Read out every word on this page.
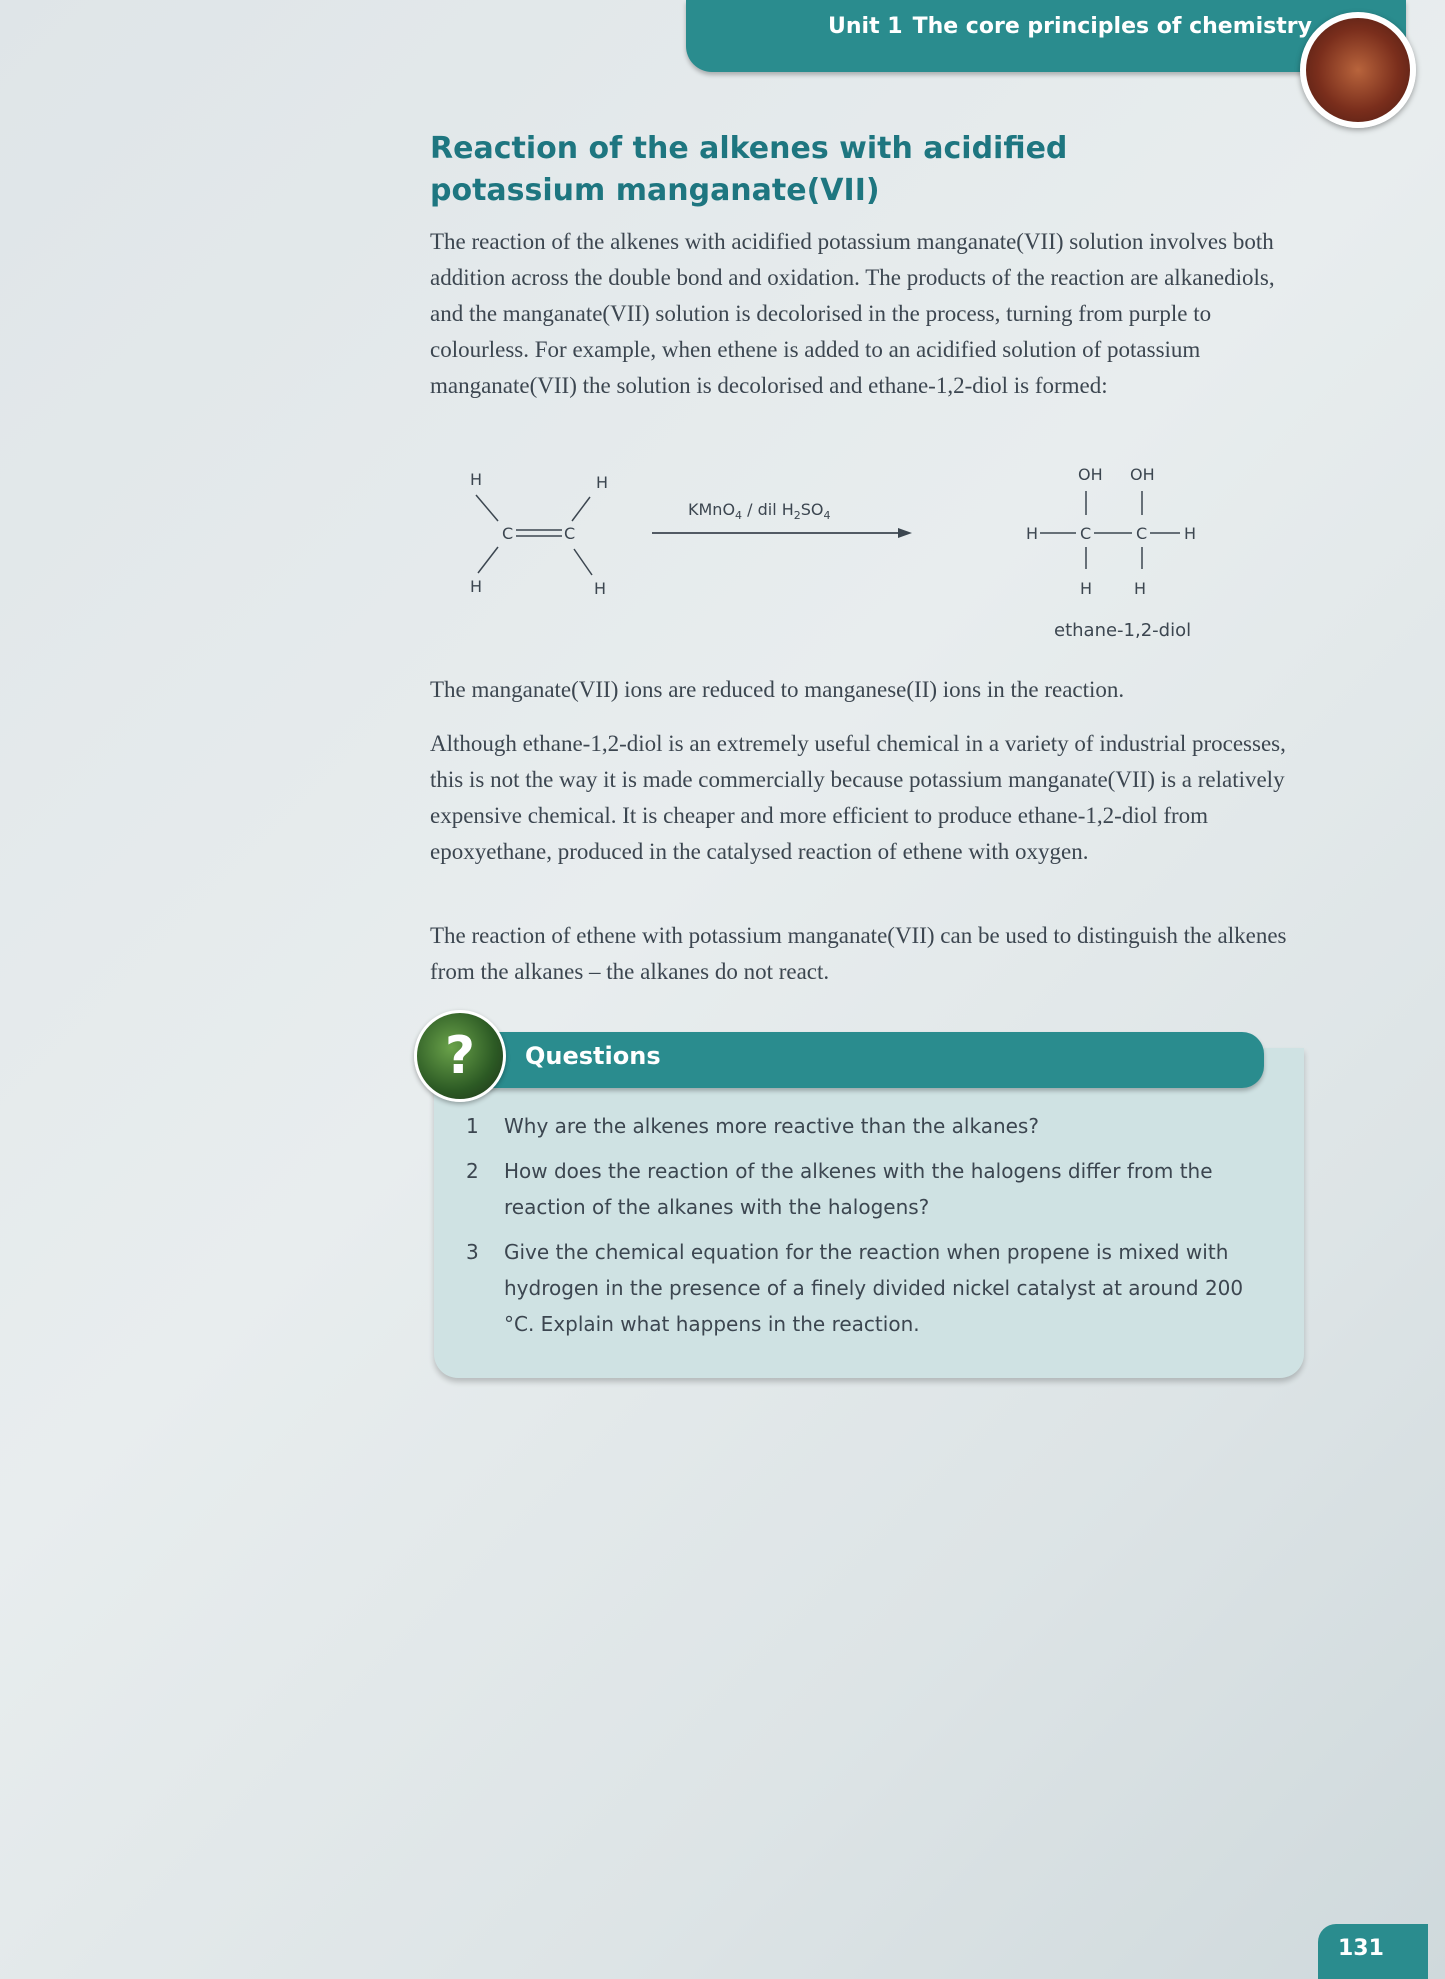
Unit 1 The core principles of chemistry
Reaction of the alkenes with acidified potassium manganate(VII)

The reaction of the alkenes with acidified potassium manganate(VII) solution involves both addition across the double bond and oxidation. The products of the reaction are alkanediols, and the manganate(VII) solution is decolorised in the process, turning from purple to colourless. For example, when ethene is added to an acidified solution of potassium manganate(VII) the solution is decolorised and ethane-1,2-diol is formed:

H	H
H	H
C	C
KMnO$_4$ / dil $H_2SO_4$
OH OH
H	C	C H
H	H
ethane-1,2-diol

The manganate(VII) ions are reduced to manganese(II) ions in the reaction.

Although ethane-1,2-diol is an extremely useful chemical in a variety of industrial processes, this is not the way it is made commercially because potassium manganate(VII) is a relatively expensive chemical. It is cheaper and more efficient to produce ethane-1,2-diol from epoxyethane, produced in the catalysed reaction of ethene with oxygen.

The reaction of ethene with potassium manganate(VII) can be used to distinguish the alkenes from the alkanes – the alkanes do not react.

?	Questions
1 Why are the alkenes more reactive than the alkanes?
2 How does the reaction of the alkenes with the halogens differ from the reaction of the alkanes with the halogens?
3 Give the chemical equation for the reaction when propene is mixed with hydrogen in the presence of a finely divided nickel catalyst at around 200 °C. Explain what happens in the reaction.
131
